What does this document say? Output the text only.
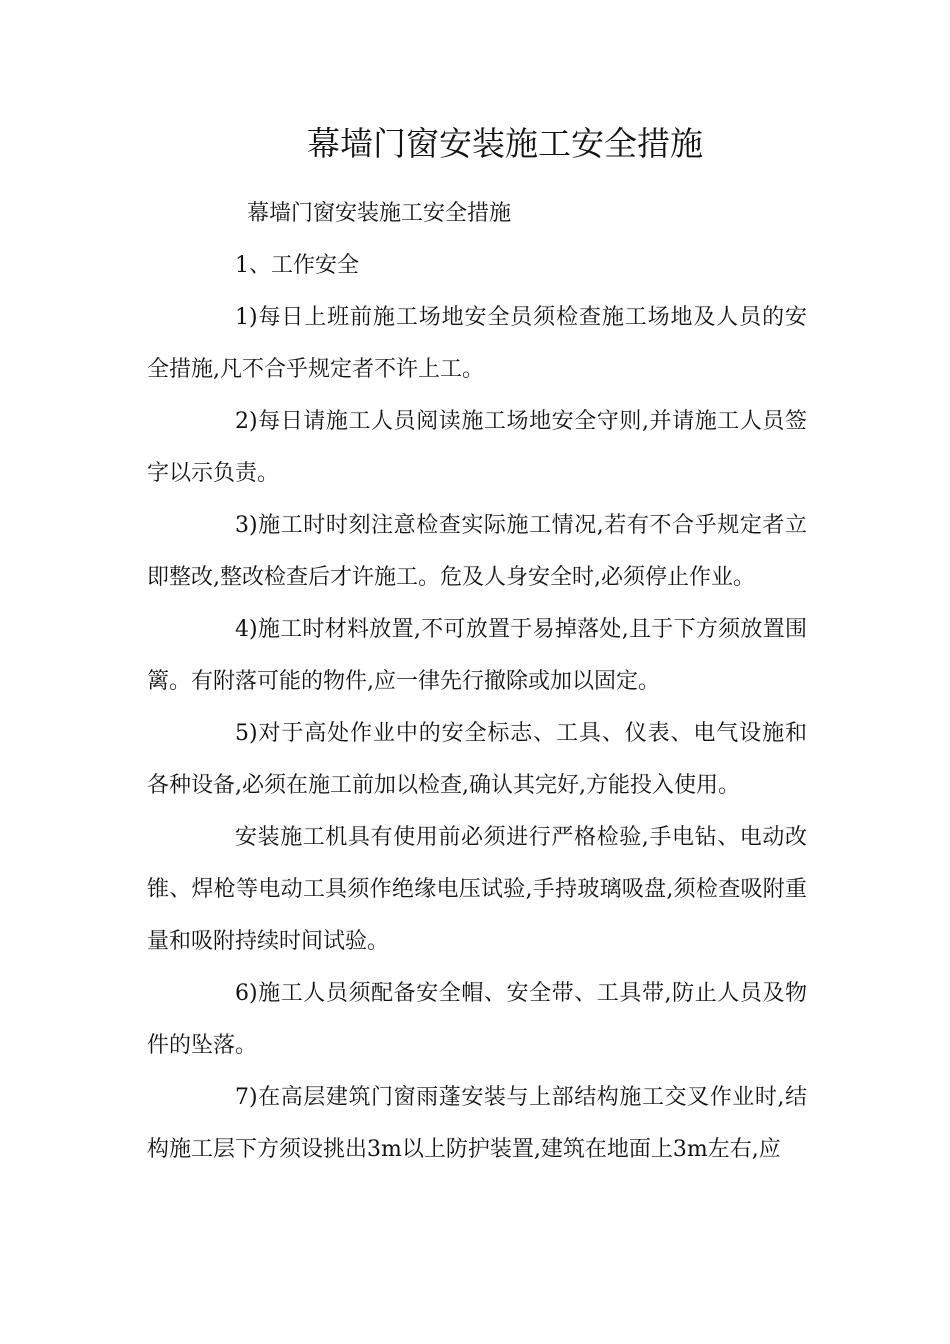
幕墙门窗安装施工安全措施

幕墙门窗安装施工安全措施

1、工作安全

1)每日上班前施工场地安全员须检查施工场地及人员的安全措施,凡不合乎规定者不许上工。

2)每日请施工人员阅读施工场地安全守则,并请施工人员签字以示负责。

3)施工时时刻注意检查实际施工情况,若有不合乎规定者立即整改,整改检查后才许施工。危及人身安全时,必须停止作业。

4)施工时材料放置,不可放置于易掉落处,且于下方须放置围篱。有附落可能的物件,应一律先行撤除或加以固定。

5)对于高处作业中的安全标志、工具、仪表、电气设施和各种设备,必须在施工前加以检查,确认其完好,方能投入使用。

安装施工机具有使用前必须进行严格检验,手电钻、电动改锥、焊枪等电动工具须作绝缘电压试验,手持玻璃吸盘,须检查吸附重量和吸附持续时间试验。

6)施工人员须配备安全帽、安全带、工具带,防止人员及物件的坠落。

7)在高层建筑门窗雨蓬安装与上部结构施工交叉作业时,结构施工层下方须设挑出3m以上防护装置,建筑在地面上3m左右,应
